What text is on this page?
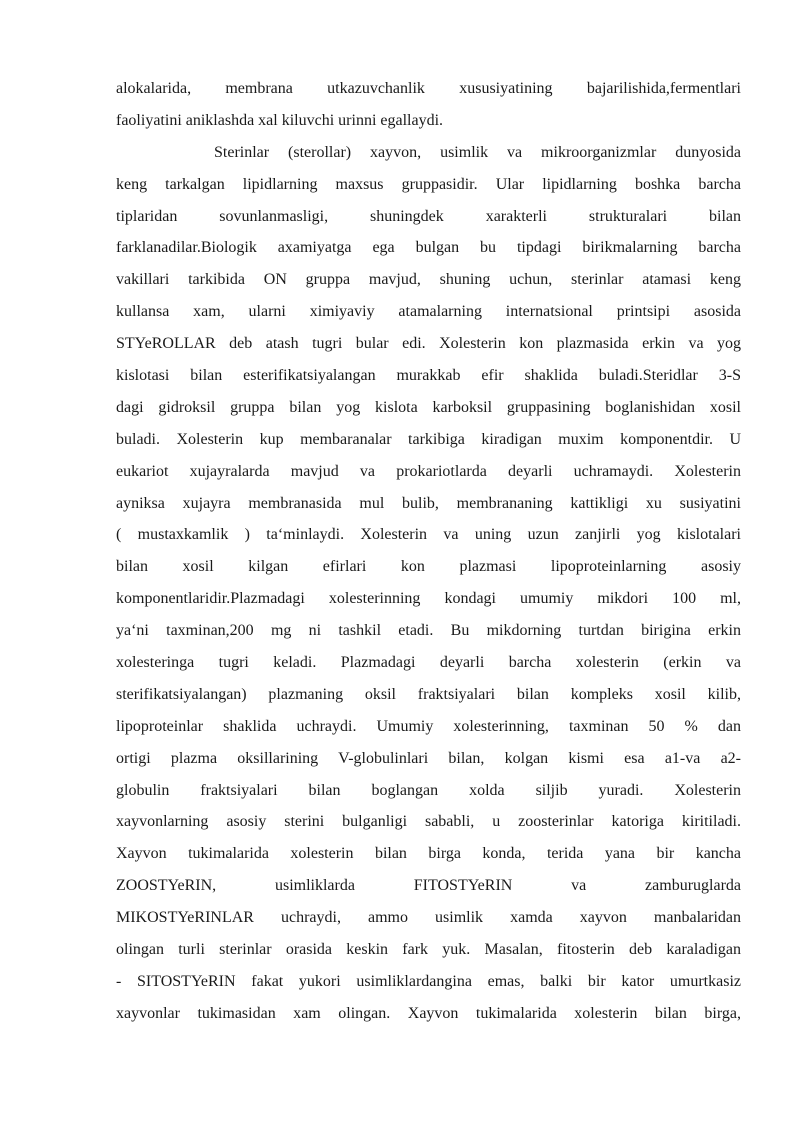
alokalarida, membrana utkazuvchanlik xususiyatining bajarilishida,fermentlari
faoliyatini aniklashda xal kiluvchi urinni egallaydi.
Sterinlar (sterollar) xayvon, usimlik va mikroorganizmlar dunyosida
keng tarkalgan lipidlarning maxsus gruppasidir. Ular lipidlarning boshka barcha
tiplaridan sovunlanmasligi, shuningdek xarakterli strukturalari bilan
farklanadilar.Biologik axamiyatga ega bulgan bu tipdagi birikmalarning barcha
vakillari tarkibida ON gruppa mavjud, shuning uchun, sterinlar atamasi keng
kullansa xam, ularni ximiyaviy atamalarning internatsional printsipi asosida
STYeROLLAR deb atash tugri bular edi. Xolesterin kon plazmasida erkin va yog
kislotasi bilan esterifikatsiyalangan murakkab efir shaklida buladi.Steridlar 3-S
dagi gidroksil gruppa bilan yog kislota karboksil gruppasining boglanishidan xosil
buladi. Xolesterin kup membaranalar tarkibiga kiradigan muxim komponentdir. U
eukariot xujayralarda mavjud va prokariotlarda deyarli uchramaydi. Xolesterin
ayniksa xujayra membranasida mul bulib, membrananing kattikligi xu susiyatini
( mustaxkamlik ) ta‘minlaydi. Xolesterin va uning uzun zanjirli yog kislotalari
bilan xosil kilgan efirlari kon plazmasi lipoproteinlarning asosiy
komponentlaridir.Plazmadagi xolesterinning kondagi umumiy mikdori 100 ml,
ya‘ni taxminan,200 mg ni tashkil etadi. Bu mikdorning turtdan birigina erkin
xolesteringa tugri keladi. Plazmadagi deyarli barcha xolesterin (erkin va
sterifikatsiyalangan) plazmaning oksil fraktsiyalari bilan kompleks xosil kilib,
lipoproteinlar shaklida uchraydi. Umumiy xolesterinning, taxminan 50 % dan
ortigi plazma oksillarining V-globulinlari bilan, kolgan kismi esa a1-va a2-
globulin fraktsiyalari bilan boglangan xolda siljib yuradi. Xolesterin
xayvonlarning asosiy sterini bulganligi sababli, u zoosterinlar katoriga kiritiladi.
Xayvon tukimalarida xolesterin bilan birga konda, terida yana bir kancha
ZOOSTYeRIN, usimliklarda FITOSTYeRIN va zamburuglarda
MIKOSTYeRINLAR uchraydi, ammo usimlik xamda xayvon manbalaridan
olingan turli sterinlar orasida keskin fark yuk. Masalan, fitosterin deb karaladigan
- SITOSTYeRIN fakat yukori usimliklardangina emas, balki bir kator umurtkasiz
xayvonlar tukimasidan xam olingan. Xayvon tukimalarida xolesterin bilan birga,
